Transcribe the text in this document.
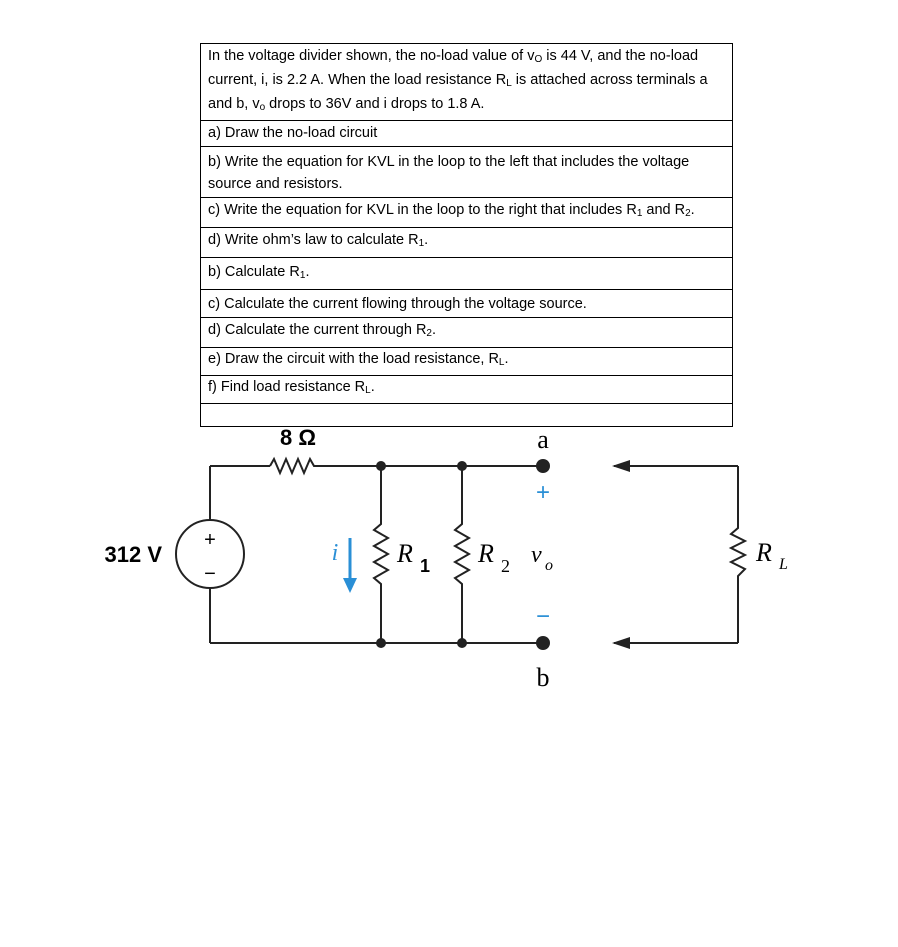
In the voltage divider shown, the no-load value of $v_O$ is 44 V, and the no-load current, i, is 2.2 A. When the load resistance $R_L$ is attached across terminals a and b, $v_o$ drops to 36V and i drops to 1.8 A.
a) Draw the no-load circuit
b) Write the equation for KVL in the loop to the left that includes the voltage source and resistors.
c) Write the equation for KVL in the loop to the right that includes $R_1$ and $R_2$.
d) Write ohm’s law to calculate $R_1$.
b) Calculate $R_1$.
c) Calculate the current flowing through the voltage source.
d) Calculate the current through $R_2$.
e) Draw the circuit with the load resistance, $R_L$.
f) Find load resistance $R_L$.
+
−
8 Ω
312 V	i R 1 R 2 v o
a
b
+
−
R L
